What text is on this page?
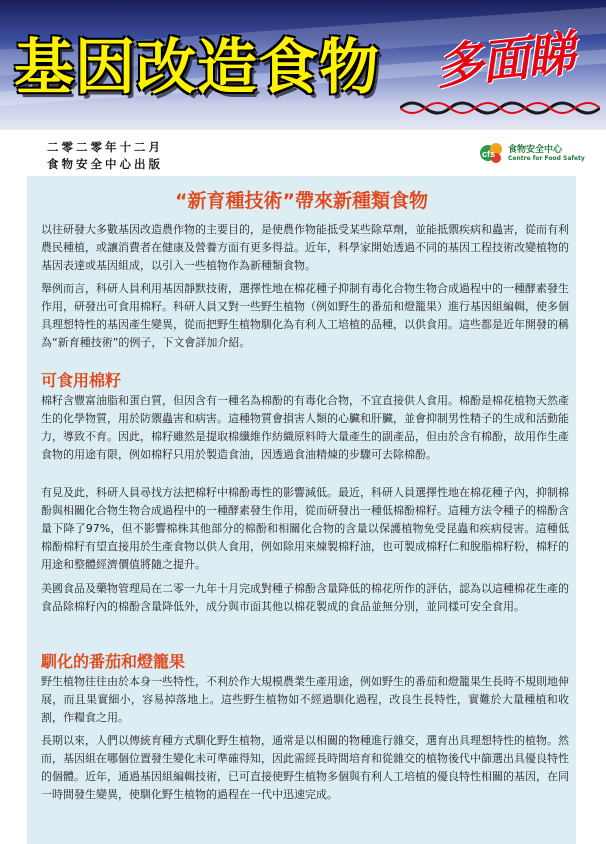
基因改造食物 多面睇
二零二零年十二月
食物安全中心出版
cfs 食物安全中心
Centre for Food Safety
“新育種技術”帶來新種類食物

以往研發大多數基因改造農作物的主要目的，是使農作物能抵受某些除草劑，並能抵禦疾病和蟲害，從而有利農民種植，或讓消費者在健康及營養方面有更多得益。近年，科學家開始透過不同的基因工程技術改變植物的基因表達或基因組成，以引入一些植物作為新種類食物。

舉例而言，科研人員利用基因靜默技術，選擇性地在棉花種子抑制有毒化合物生物合成過程中的一種酵素發生作用，研發出可食用棉籽。科研人員又對一些野生植物（例如野生的番茄和燈籠果）進行基因組編輯，使多個具理想特性的基因產生變異，從而把野生植物馴化為有利人工培植的品種，以供食用。這些都是近年開發的稱為“新育種技術”的例子，下文會詳加介紹。

可食用棉籽

棉籽含豐富油脂和蛋白質，但因含有一種名為棉酚的有毒化合物，不宜直接供人食用。棉酚是棉花植物天然產生的化學物質，用於防禦蟲害和病害。這種物質會損害人類的心臟和肝臟，並會抑制男性精子的生成和活動能力，導致不育。因此，棉籽雖然是提取棉纖維作紡織原料時大量產生的副產品，但由於含有棉酚，故用作生產食物的用途有限，例如棉籽只用於製造食油，因透過食油精煉的步驟可去除棉酚。

有見及此，科研人員尋找方法把棉籽中棉酚毒性的影響減低。最近，科研人員選擇性地在棉花種子內，抑制棉酚與相關化合物生物合成過程中的一種酵素發生作用，從而研發出一種低棉酚棉籽。這種方法令種子的棉酚含量下降了97%，但不影響棉株其他部分的棉酚和相關化合物的含量以保護植物免受昆蟲和疾病侵害。這種低棉酚棉籽有望直接用於生產食物以供人食用，例如除用來煉製棉籽油，也可製成棉籽仁和脫脂棉籽粉，棉籽的用途和整體經濟價值將隨之提升。

美國食品及藥物管理局在二零一九年十月完成對種子棉酚含量降低的棉花所作的評估，認為以這種棉花生產的食品除棉籽內的棉酚含量降低外，成分與市面其他以棉花製成的食品並無分別，並同樣可安全食用。

馴化的番茄和燈籠果

野生植物往往由於本身一些特性，不利於作大規模農業生產用途，例如野生的番茄和燈籠果生長時不規則地伸展，而且果實細小，容易掉落地上。這些野生植物如不經過馴化過程，改良生長特性，實難於大量種植和收割，作糧食之用。

長期以來，人們以傳統育種方式馴化野生植物，通常是以相關的物種進行雜交，選育出具理想特性的植物。然而，基因組在哪個位置發生變化未可準確得知，因此需經長時間培育和從雜交的植物後代中篩選出具優良特性的個體。近年，通過基因組編輯技術，已可直接使野生植物多個與有利人工培植的優良特性相關的基因，在同一時間發生變異，使馴化野生植物的過程在一代中迅速完成。
